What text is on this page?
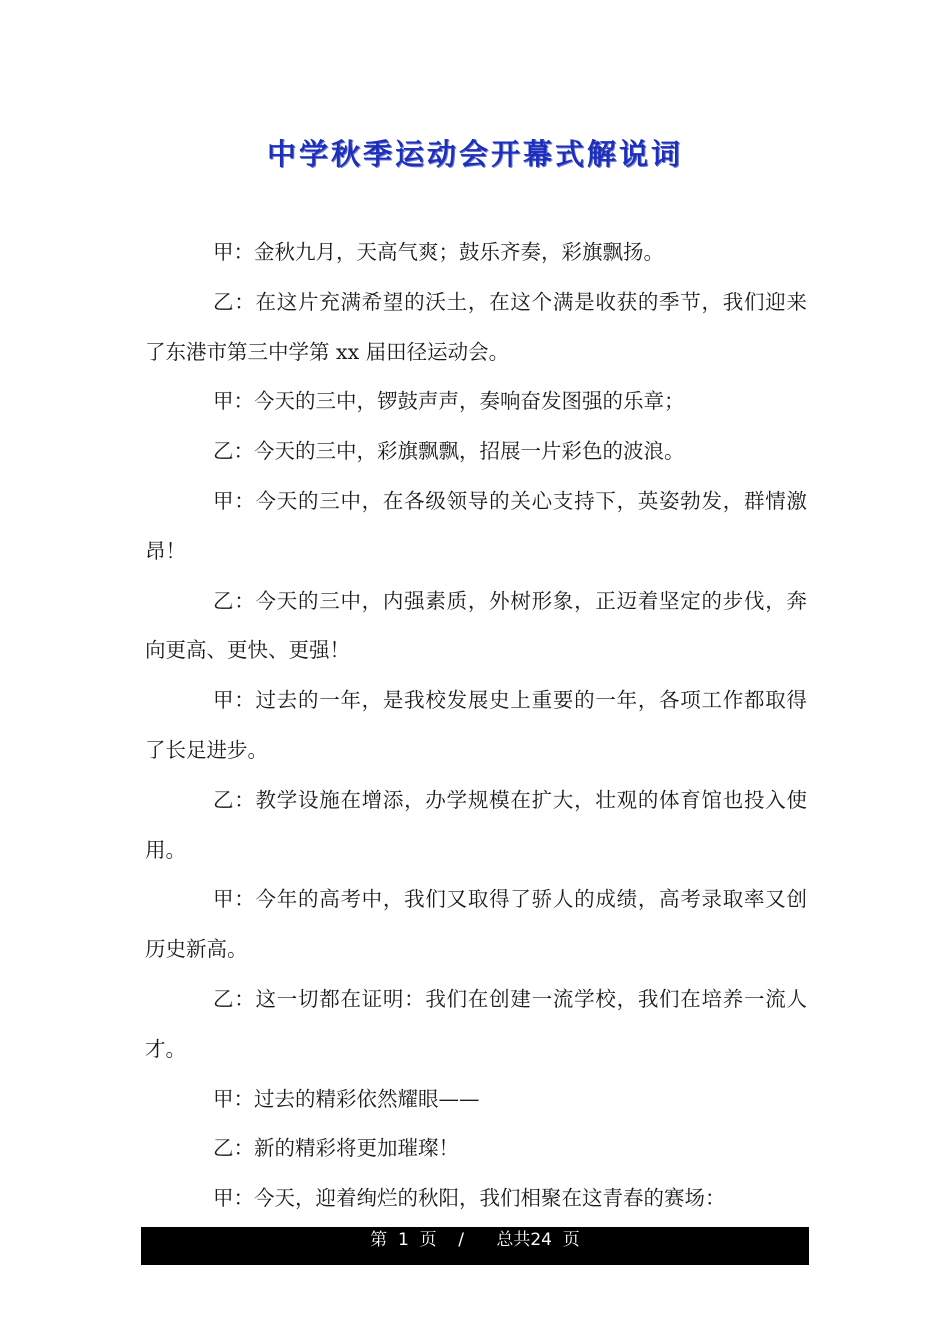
中学秋季运动会开幕式解说词

甲：金秋九月，天高气爽；鼓乐齐奏，彩旗飘扬。

乙：在这片充满希望的沃土，在这个满是收获的季节，我们迎来了东港市第三中学第 xx 届田径运动会。

甲：今天的三中，锣鼓声声，奏响奋发图强的乐章；

乙：今天的三中，彩旗飘飘，招展一片彩色的波浪。

甲：今天的三中，在各级领导的关心支持下，英姿勃发，群情激昂！

乙：今天的三中，内强素质，外树形象，正迈着坚定的步伐，奔向更高、更快、更强！

甲：过去的一年，是我校发展史上重要的一年，各项工作都取得了长足进步。

乙：教学设施在增添，办学规模在扩大，壮观的体育馆也投入使用。

甲：今年的高考中，我们又取得了骄人的成绩，高考录取率又创历史新高。

乙：这一切都在证明：我们在创建一流学校，我们在培养一流人才。

甲：过去的精彩依然耀眼——

乙：新的精彩将更加璀璨！

甲：今天，迎着绚烂的秋阳，我们相聚在这青春的赛场：

第  1  页    /      总共24  页
